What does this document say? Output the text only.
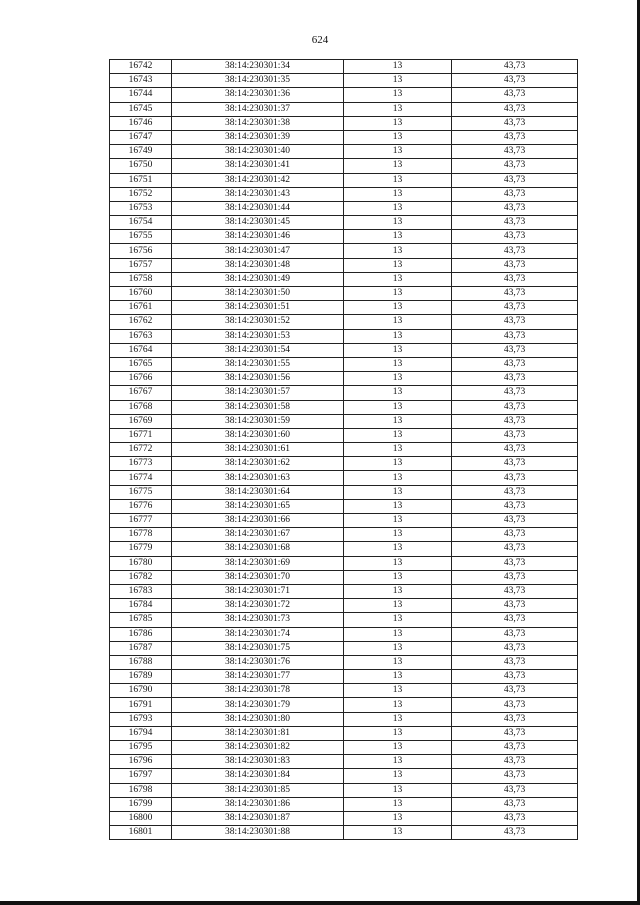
624
16742	38:14:230301:34	13	43,73
16743	38:14:230301:35	13	43,73
16744	38:14:230301:36	13	43,73
16745	38:14:230301:37	13	43,73
16746	38:14:230301:38	13	43,73
16747	38:14:230301:39	13	43,73
16749	38:14:230301:40	13	43,73
16750	38:14:230301:41	13	43,73
16751	38:14:230301:42	13	43,73
16752	38:14:230301:43	13	43,73
16753	38:14:230301:44	13	43,73
16754	38:14:230301:45	13	43,73
16755	38:14:230301:46	13	43,73
16756	38:14:230301:47	13	43,73
16757	38:14:230301:48	13	43,73
16758	38:14:230301:49	13	43,73
16760	38:14:230301:50	13	43,73
16761	38:14:230301:51	13	43,73
16762	38:14:230301:52	13	43,73
16763	38:14:230301:53	13	43,73
16764	38:14:230301:54	13	43,73
16765	38:14:230301:55	13	43,73
16766	38:14:230301:56	13	43,73
16767	38:14:230301:57	13	43,73
16768	38:14:230301:58	13	43,73
16769	38:14:230301:59	13	43,73
16771	38:14:230301:60	13	43,73
16772	38:14:230301:61	13	43,73
16773	38:14:230301:62	13	43,73
16774	38:14:230301:63	13	43,73
16775	38:14:230301:64	13	43,73
16776	38:14:230301:65	13	43,73
16777	38:14:230301:66	13	43,73
16778	38:14:230301:67	13	43,73
16779	38:14:230301:68	13	43,73
16780	38:14:230301:69	13	43,73
16782	38:14:230301:70	13	43,73
16783	38:14:230301:71	13	43,73
16784	38:14:230301:72	13	43,73
16785	38:14:230301:73	13	43,73
16786	38:14:230301:74	13	43,73
16787	38:14:230301:75	13	43,73
16788	38:14:230301:76	13	43,73
16789	38:14:230301:77	13	43,73
16790	38:14:230301:78	13	43,73
16791	38:14:230301:79	13	43,73
16793	38:14:230301:80	13	43,73
16794	38:14:230301:81	13	43,73
16795	38:14:230301:82	13	43,73
16796	38:14:230301:83	13	43,73
16797	38:14:230301:84	13	43,73
16798	38:14:230301:85	13	43,73
16799	38:14:230301:86	13	43,73
16800	38:14:230301:87	13	43,73
16801	38:14:230301:88	13	43,73
